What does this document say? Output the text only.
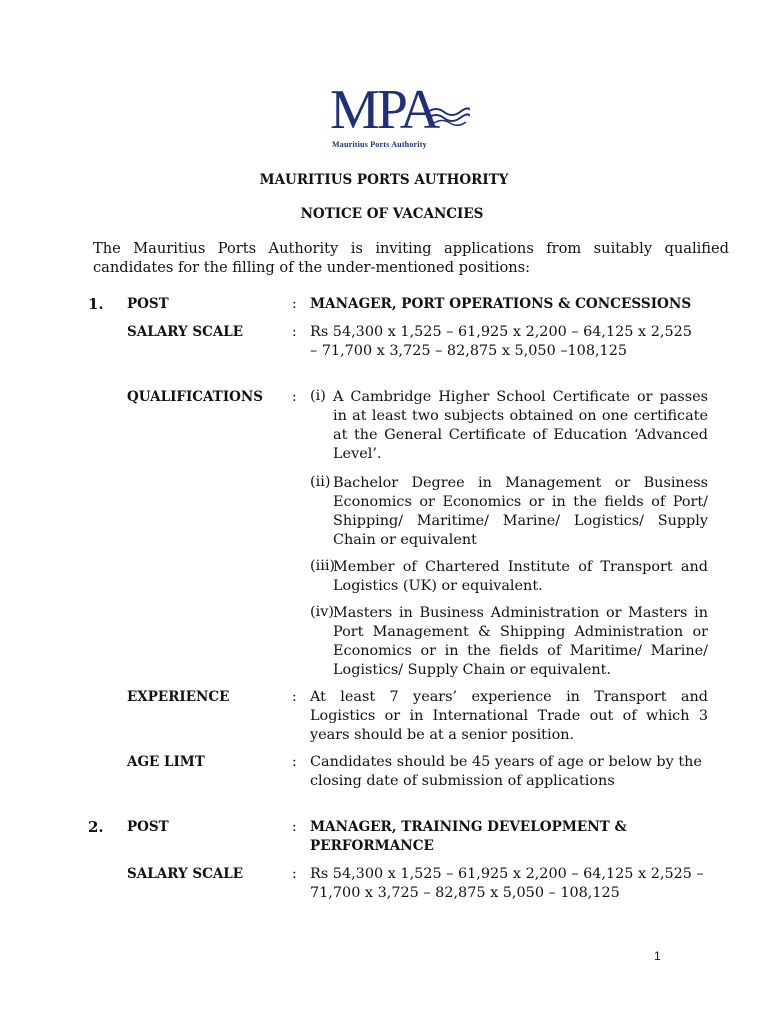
MPA
Mauritius Ports Authority
MAURITIUS PORTS AUTHORITY
NOTICE OF VACANCIES
The Mauritius Ports Authority is inviting applications from suitably qualified candidates for the filling of the under-mentioned positions:
1. POST	: MANAGER, PORT OPERATIONS & CONCESSIONS
SALARY SCALE	: Rs 54,300 x 1,525 – 61,925 x 2,200 – 64,125 x 2,525 – 71,700 x 3,725 – 82,875 x 5,050 –108,125
QUALIFICATIONS : (i) A Cambridge Higher School Certificate or passes in at least two subjects obtained on one certificate at the General Certificate of Education ‘Advanced Level’.
(ii) Bachelor Degree in Management or Business Economics or Economics or in the fields of Port/ Shipping/ Maritime/ Marine/ Logistics/ Supply Chain or equivalent
(iii)
Member of Chartered Institute of Transport and Logistics (UK) or equivalent.
(iv) Masters in Business Administration or Masters in Port Management & Shipping Administration or Economics or in the fields of Maritime/ Marine/ Logistics/ Supply Chain or equivalent.
EXPERIENCE	: At least 7 years’ experience in Transport and Logistics or in International Trade out of which 3 years should be at a senior position.
AGE LIMT	: Candidates should be 45 years of age or below by the closing date of submission of applications
2. POST	: MANAGER, TRAINING DEVELOPMENT & PERFORMANCE
SALARY SCALE	: Rs 54,300 x 1,525 – 61,925 x 2,200 – 64,125 x 2,525 – 71,700 x 3,725 – 82,875 x 5,050 – 108,125
1
